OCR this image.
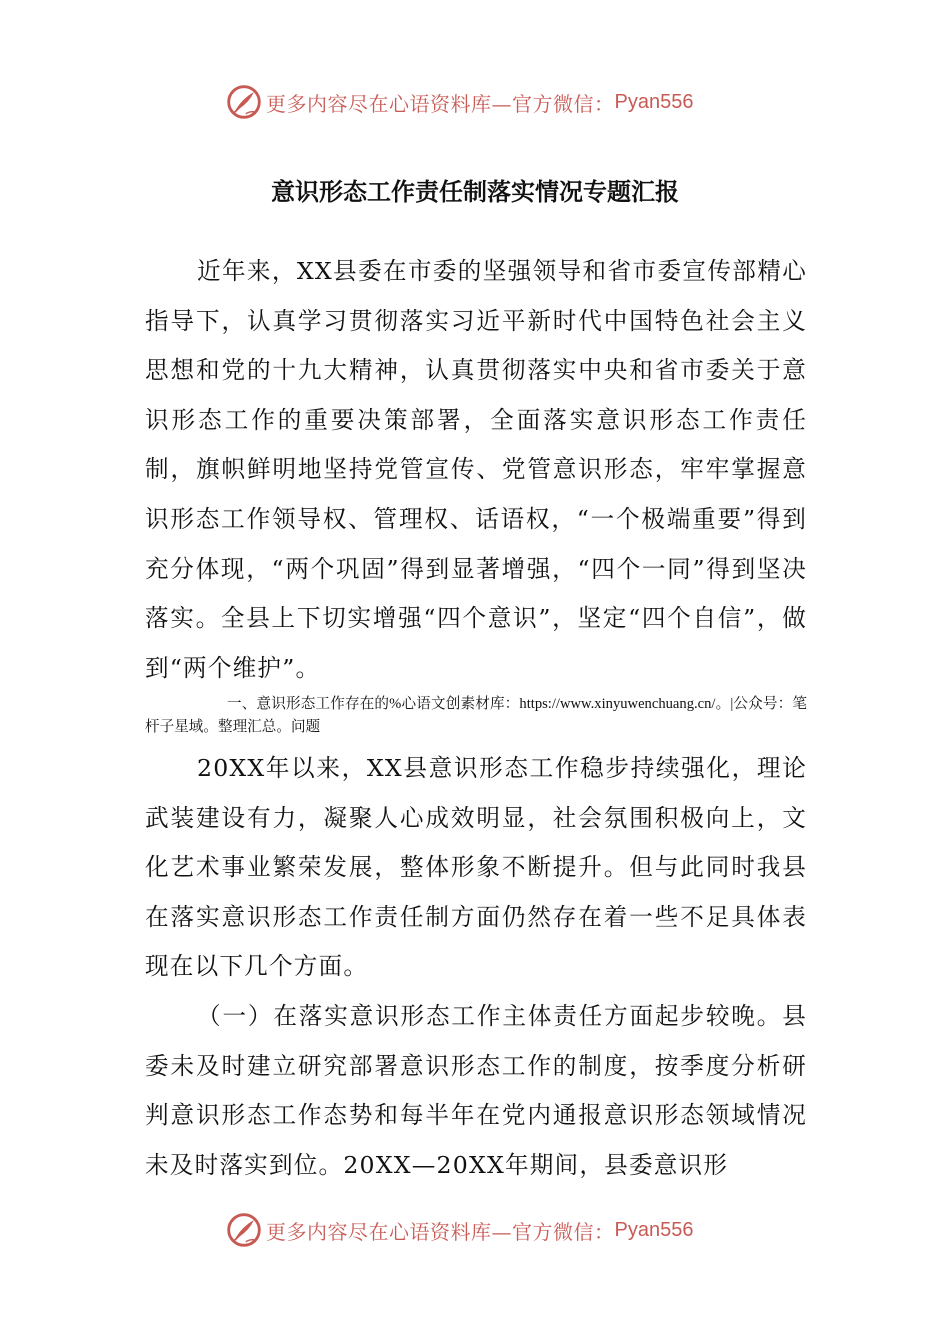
更多内容尽在心语资料库—官方微信： Pyan556
意识形态工作责任制落实情况专题汇报

近年来，XX县委在市委的坚强领导和省市委宣传部精心指导下，认真学习贯彻落实习近平新时代中国特色社会主义思想和党的十九大精神，认真贯彻落实中央和省市委关于意识形态工作的重要决策部署，全面落实意识形态工作责任制，旗帜鲜明地坚持党管宣传、党管意识形态，牢牢掌握意识形态工作领导权、管理权、话语权，“一个极端重要”得到充分体现，“两个巩固”得到显著增强，“四个一同”得到坚决落实。全县上下切实增强“四个意识”，坚定“四个自信”，做到“两个维护”。

一、意识形态工作存在的%心语文创素材库：https://www.xinyuwenchuang.cn/。|公众号：笔杆子星域。整理汇总。问题

20XX年以来，XX县意识形态工作稳步持续强化，理论武装建设有力，凝聚人心成效明显，社会氛围积极向上，文化艺术事业繁荣发展，整体形象不断提升。但与此同时我县在落实意识形态工作责任制方面仍然存在着一些不足具体表现在以下几个方面。

（一）在落实意识形态工作主体责任方面起步较晚。县委未及时建立研究部署意识形态工作的制度，按季度分析研判意识形态工作态势和每半年在党内通报意识形态领域情况未及时落实到位。20XX—20XX年期间，县委意识形

更多内容尽在心语资料库—官方微信： Pyan556
